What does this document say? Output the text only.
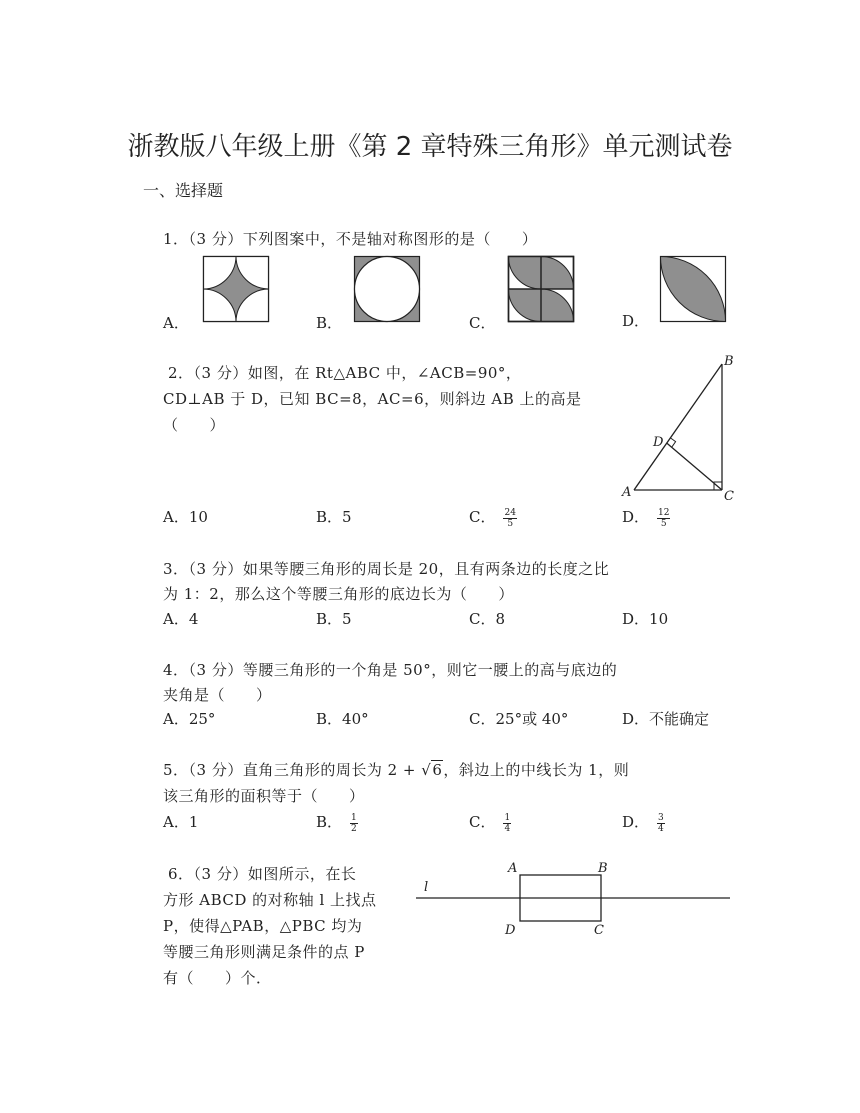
浙教版八年级上册《第 2 章特殊三角形》单元测试卷
一、选择题
1．（3 分）下列图案中，不是轴对称图形的是（　　）
A．	B．	C．	D．
2．（3 分）如图，在 Rt△ABC 中，∠ACB=90°，
CD⊥AB 于 D，已知 BC=8，AC=6，则斜边 AB 上的高是
（　　）
A
B
C
D
A．10	B．5	C． $\frac{24}{5}$	D． $\frac{12}{5}$
3．（3 分）如果等腰三角形的周长是 20，且有两条边的长度之比
为 1：2，那么这个等腰三角形的底边长为（　　）
A．4	B．5	C．8	D．10
4．（3 分）等腰三角形的一个角是 50°，则它一腰上的高与底边的
夹角是（　　）
A．25°	B．40°	C．25°或 40°	D．不能确定
5．（3 分）直角三角形的周长为 2 + √6，斜边上的中线长为 1，则
该三角形的面积等于（　　）
A．1	B． $\frac{1}{2}$	C． $\frac{1}{4}$	D． $\frac{3}{4}$
6．（3 分）如图所示，在长
方形 ABCD 的对称轴 l 上找点
P，使得△PAB，△PBC 均为
等腰三角形则满足条件的点 P
有（　　）个．
l
A	B
D	C
